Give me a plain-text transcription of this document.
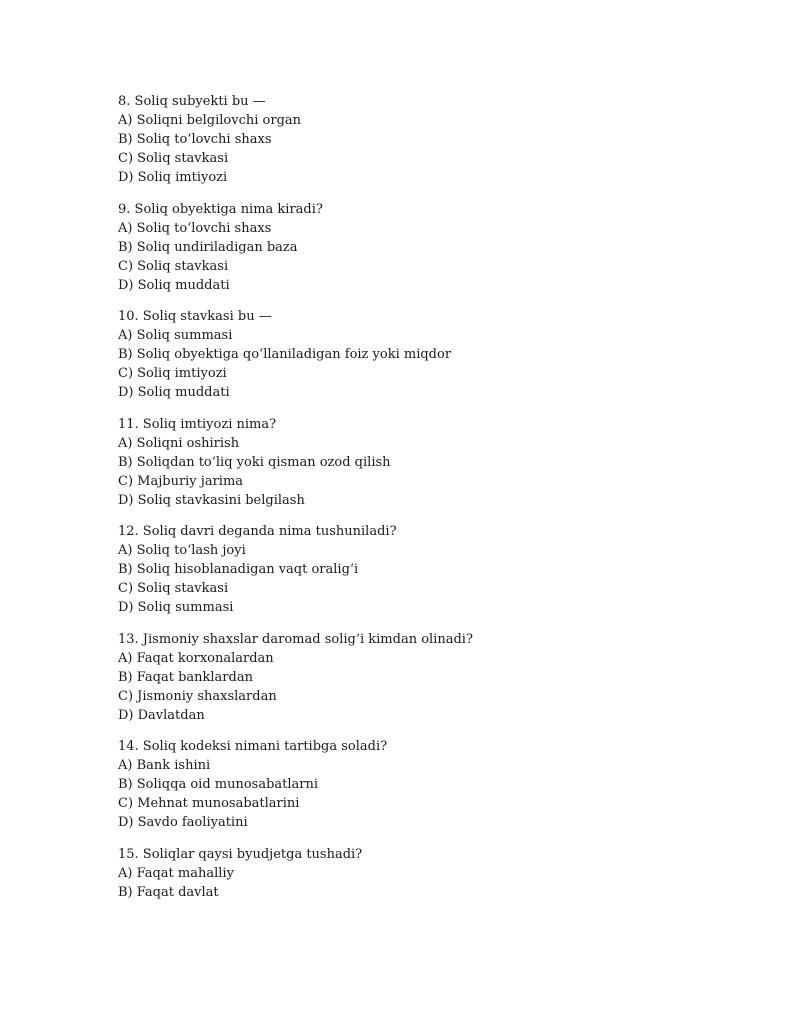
8. Soliq subyekti bu —
A) Soliqni belgilovchi organ
B) Soliq to‘lovchi shaxs
C) Soliq stavkasi
D) Soliq imtiyozi
9. Soliq obyektiga nima kiradi?
A) Soliq to‘lovchi shaxs
B) Soliq undiriladigan baza
C) Soliq stavkasi
D) Soliq muddati
10. Soliq stavkasi bu —
A) Soliq summasi
B) Soliq obyektiga qo‘llaniladigan foiz yoki miqdor
C) Soliq imtiyozi
D) Soliq muddati
11. Soliq imtiyozi nima?
A) Soliqni oshirish
B) Soliqdan to‘liq yoki qisman ozod qilish
C) Majburiy jarima
D) Soliq stavkasini belgilash
12. Soliq davri deganda nima tushuniladi?
A) Soliq to‘lash joyi
B) Soliq hisoblanadigan vaqt oralig‘i
C) Soliq stavkasi
D) Soliq summasi
13. Jismoniy shaxslar daromad solig‘i kimdan olinadi?
A) Faqat korxonalardan
B) Faqat banklardan
C) Jismoniy shaxslardan
D) Davlatdan
14. Soliq kodeksi nimani tartibga soladi?
A) Bank ishini
B) Soliqqa oid munosabatlarni
C) Mehnat munosabatlarini
D) Savdo faoliyatini
15. Soliqlar qaysi byudjetga tushadi?
A) Faqat mahalliy
B) Faqat davlat
